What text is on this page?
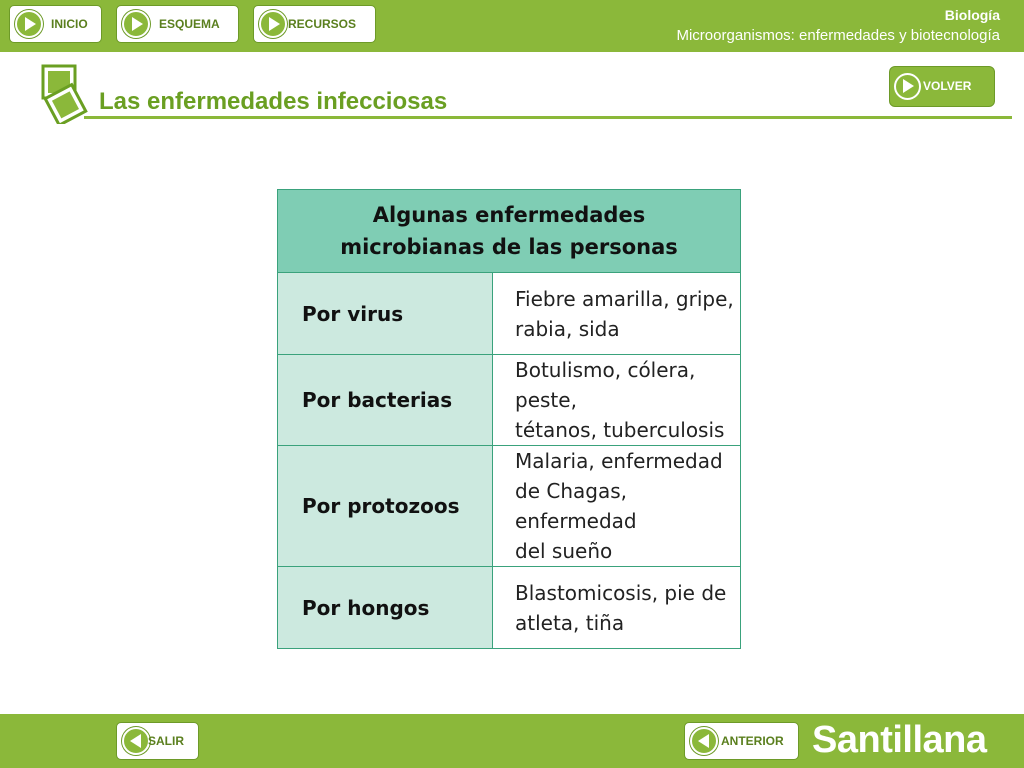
INICIO	ESQUEMA	RECURSOS
Biología
Microorganismos: enfermedades y biotecnología
Las enfermedades infecciosas
VOLVER
Algunas enfermedades
microbianas de las personas	
Por virus	Fiebre amarilla, gripe,
rabia, sida
Por bacterias	Botulismo, cólera, peste,
tétanos, tuberculosis
Por protozoos	Malaria, enfermedad
de Chagas, enfermedad
del sueño
Por hongos	Blastomicosis, pie de
atleta, tiña
SALIR	ANTERIOR Santillana
